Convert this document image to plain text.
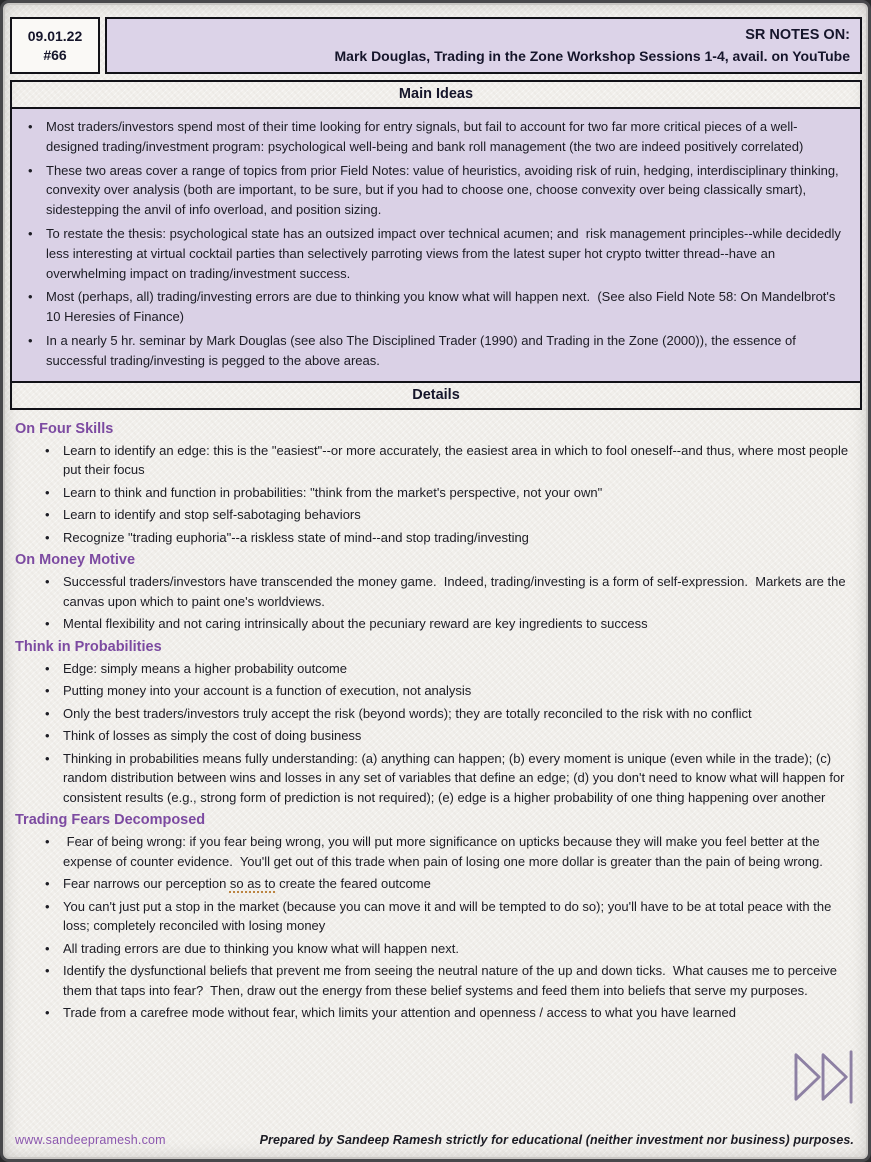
09.01.22
#66
SR NOTES ON:
Mark Douglas, Trading in the Zone Workshop Sessions 1-4, avail. on YouTube
Main Ideas
• Most traders/investors spend most of their time looking for entry signals, but fail to account for two far more critical pieces of a well-designed trading/investment program: psychological well-being and bank roll management (the two are indeed positively correlated)
• These two areas cover a range of topics from prior Field Notes: value of heuristics, avoiding risk of ruin, hedging, interdisciplinary thinking, convexity over analysis (both are important, to be sure, but if you had to choose one, choose convexity over being classically smart), sidestepping the anvil of info overload, and position sizing.
• To restate the thesis: psychological state has an outsized impact over technical acumen; and  risk management principles--while decidedly less interesting at virtual cocktail parties than selectively parroting views from the latest super hot crypto twitter thread--have an overwhelming impact on trading/investment success.
• Most (perhaps, all) trading/investing errors are due to thinking you know what will happen next.  (See also Field Note 58: On Mandelbrot's 10 Heresies of Finance)
• In a nearly 5 hr. seminar by Mark Douglas (see also The Disciplined Trader (1990) and Trading in the Zone (2000)), the essence of successful trading/investing is pegged to the above areas.
Details
On Four Skills
• Learn to identify an edge: this is the "easiest"--or more accurately, the easiest area in which to fool oneself--and thus, where most people put their focus
• Learn to think and function in probabilities: "think from the market's perspective, not your own"
• Learn to identify and stop self-sabotaging behaviors
• Recognize "trading euphoria"--a riskless state of mind--and stop trading/investing
On Money Motive
• Successful traders/investors have transcended the money game.  Indeed, trading/investing is a form of self-expression.  Markets are the canvas upon which to paint one's worldviews.
• Mental flexibility and not caring intrinsically about the pecuniary reward are key ingredients to success
Think in Probabilities
• Edge: simply means a higher probability outcome
• Putting money into your account is a function of execution, not analysis
• Only the best traders/investors truly accept the risk (beyond words); they are totally reconciled to the risk with no conflict
• Think of losses as simply the cost of doing business
• Thinking in probabilities means fully understanding: (a) anything can happen; (b) every moment is unique (even while in the trade); (c) random distribution between wins and losses in any set of variables that define an edge; (d) you don't need to know what will happen for consistent results (e.g., strong form of prediction is not required); (e) edge is a higher probability of one thing happening over another
Trading Fears Decomposed
•  Fear of being wrong: if you fear being wrong, you will put more significance on upticks because they will make you feel better at the expense of counter evidence.  You'll get out of this trade when pain of losing one more dollar is greater than the pain of being wrong.
• Fear narrows our perception so as to create the feared outcome
• You can't just put a stop in the market (because you can move it and will be tempted to do so); you'll have to be at total peace with the loss; completely reconciled with losing money
• All trading errors are due to thinking you know what will happen next.
• Identify the dysfunctional beliefs that prevent me from seeing the neutral nature of the up and down ticks.  What causes me to perceive them that taps into fear?  Then, draw out the energy from these belief systems and feed them into beliefs that serve my purposes.
• Trade from a carefree mode without fear, which limits your attention and openness / access to what you have learned
www.sandeepramesh.com	Prepared by Sandeep Ramesh strictly for educational (neither investment nor business) purposes.
